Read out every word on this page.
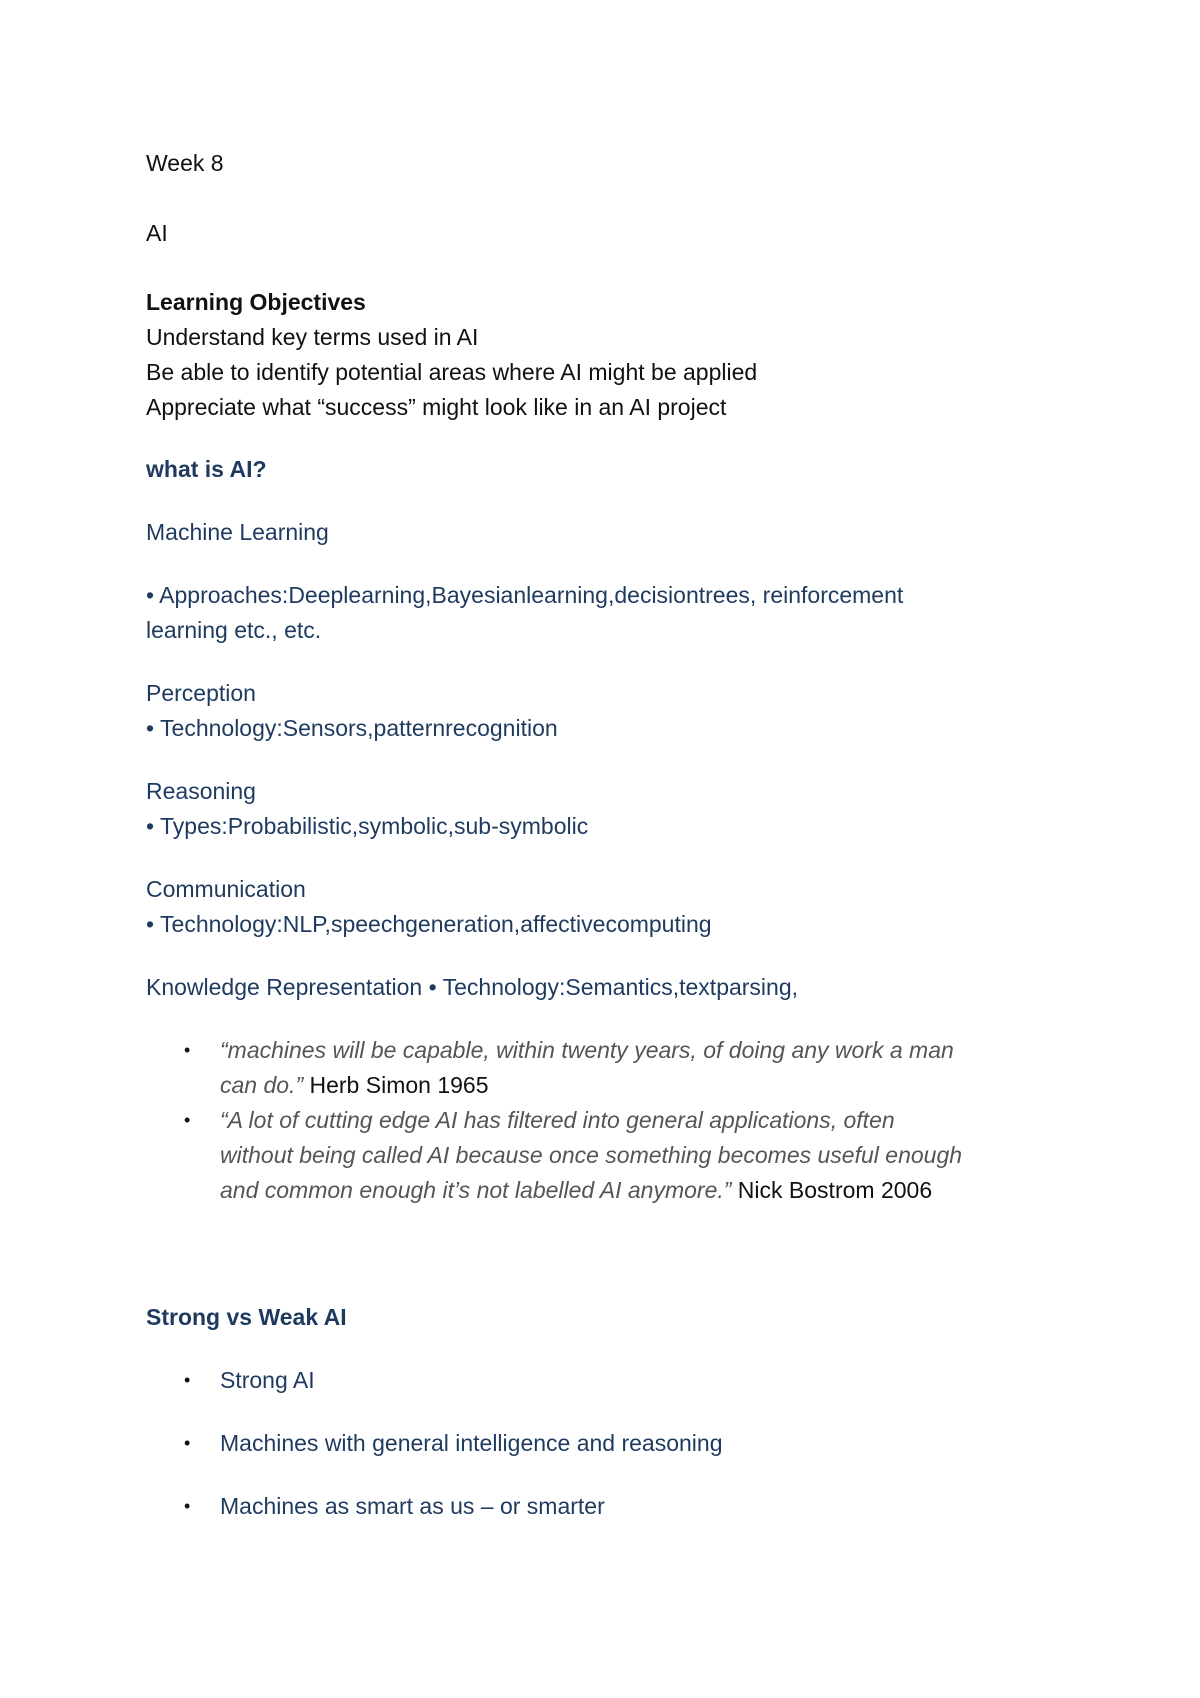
Week 8
AI
Learning Objectives
Understand key terms used in AI
Be able to identify potential areas where AI might be applied
Appreciate what “success” might look like in an AI project
what is AI?
Machine Learning
• Approaches:Deeplearning,Bayesianlearning,decisiontrees, reinforcement
learning etc., etc.
Perception
• Technology:Sensors,patternrecognition
Reasoning
• Types:Probabilistic,symbolic,sub-symbolic
Communication
• Technology:NLP,speechgeneration,affectivecomputing
Knowledge Representation • Technology:Semantics,textparsing,
• “machines will be capable, within twenty years, of doing any work a man
can do.” Herb Simon 1965
• “A lot of cutting edge AI has filtered into general applications, often
without being called AI because once something becomes useful enough
and common enough it’s not labelled AI anymore.” Nick Bostrom 2006
Strong vs Weak AI
• Strong AI
• Machines with general intelligence and reasoning
• Machines as smart as us – or smarter
